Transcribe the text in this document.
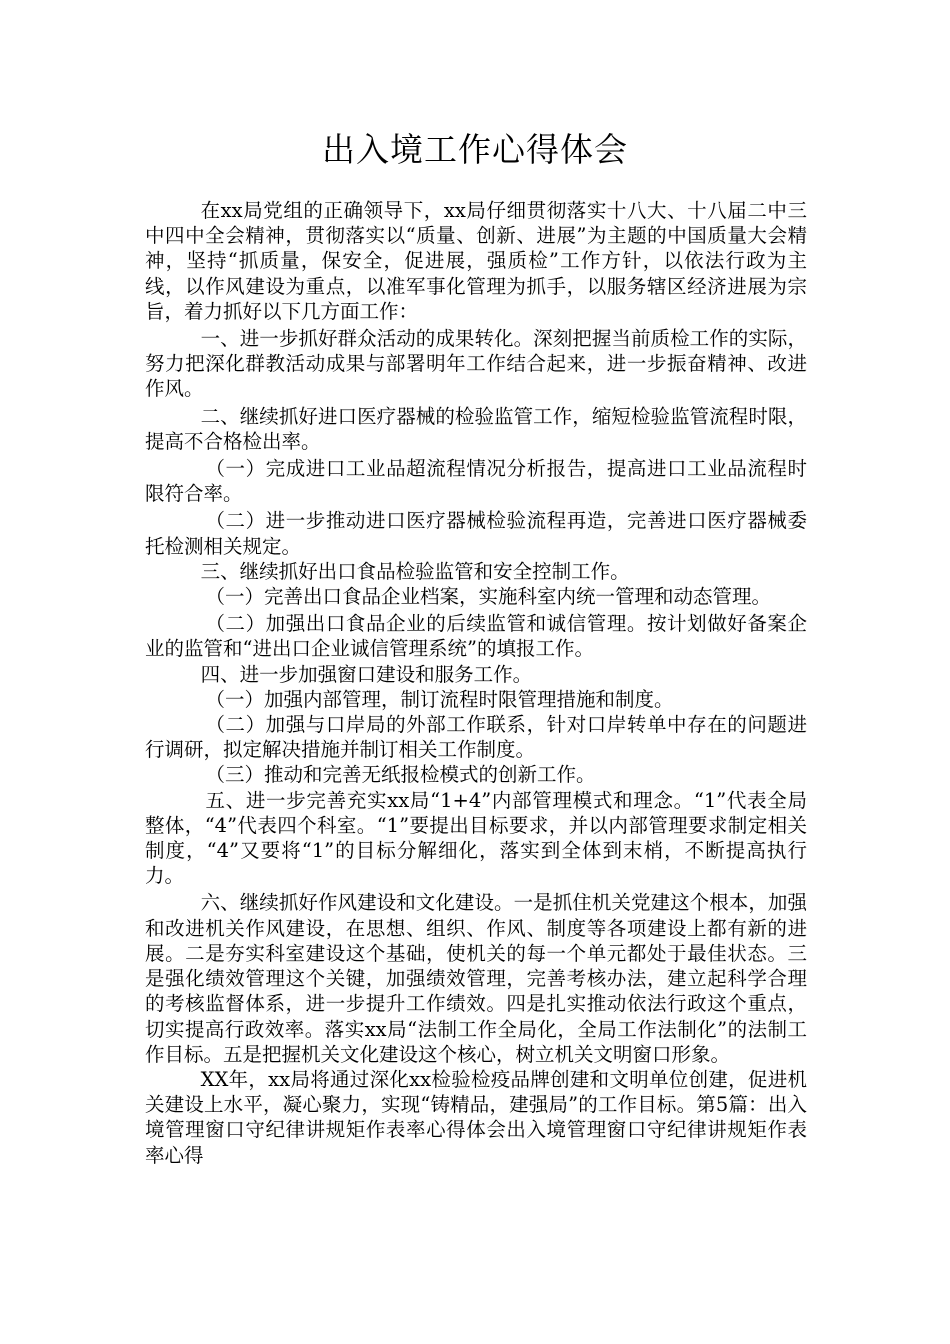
出入境工作心得体会

在xx局党组的正确领导下，xx局仔细贯彻落实十八大、十八届二中三中四中全会精神，贯彻落实以“质量、创新、进展”为主题的中国质量大会精神，坚持“抓质量，保安全，促进展，强质检”工作方针，以依法行政为主线，以作风建设为重点，以准军事化管理为抓手，以服务辖区经济进展为宗旨，着力抓好以下几方面工作：

一、进一步抓好群众活动的成果转化。深刻把握当前质检工作的实际，努力把深化群教活动成果与部署明年工作结合起来，进一步振奋精神、改进作风。

二、继续抓好进口医疗器械的检验监管工作，缩短检验监管流程时限，提高不合格检出率。

（一）完成进口工业品超流程情况分析报告，提高进口工业品流程时限符合率。

（二）进一步推动进口医疗器械检验流程再造，完善进口医疗器械委托检测相关规定。

三、继续抓好出口食品检验监管和安全控制工作。

（一）完善出口食品企业档案，实施科室内统一管理和动态管理。

（二）加强出口食品企业的后续监管和诚信管理。按计划做好备案企业的监管和“进出口企业诚信管理系统”的填报工作。

四、进一步加强窗口建设和服务工作。

（一）加强内部管理，制订流程时限管理措施和制度。

（二）加强与口岸局的外部工作联系，针对口岸转单中存在的问题进行调研，拟定解决措施并制订相关工作制度。

（三）推动和完善无纸报检模式的创新工作。

五、进一步完善充实xx局“1+4”内部管理模式和理念。“1”代表全局整体，“4”代表四个科室。“1”要提出目标要求，并以内部管理要求制定相关制度，“4”又要将“1”的目标分解细化，落实到全体到末梢，不断提高执行力。

六、继续抓好作风建设和文化建设。一是抓住机关党建这个根本，加强和改进机关作风建设，在思想、组织、作风、制度等各项建设上都有新的进展。二是夯实科室建设这个基础，使机关的每一个单元都处于最佳状态。三是强化绩效管理这个关键，加强绩效管理，完善考核办法，建立起科学合理的考核监督体系，进一步提升工作绩效。四是扎实推动依法行政这个重点，切实提高行政效率。落实xx局“法制工作全局化，全局工作法制化”的法制工作目标。五是把握机关文化建设这个核心，树立机关文明窗口形象。

XX年，xx局将通过深化xx检验检疫品牌创建和文明单位创建，促进机关建设上水平，凝心聚力，实现“铸精品，建强局”的工作目标。第5篇：出入境管理窗口守纪律讲规矩作表率心得体会出入境管理窗口守纪律讲规矩作表率心得
